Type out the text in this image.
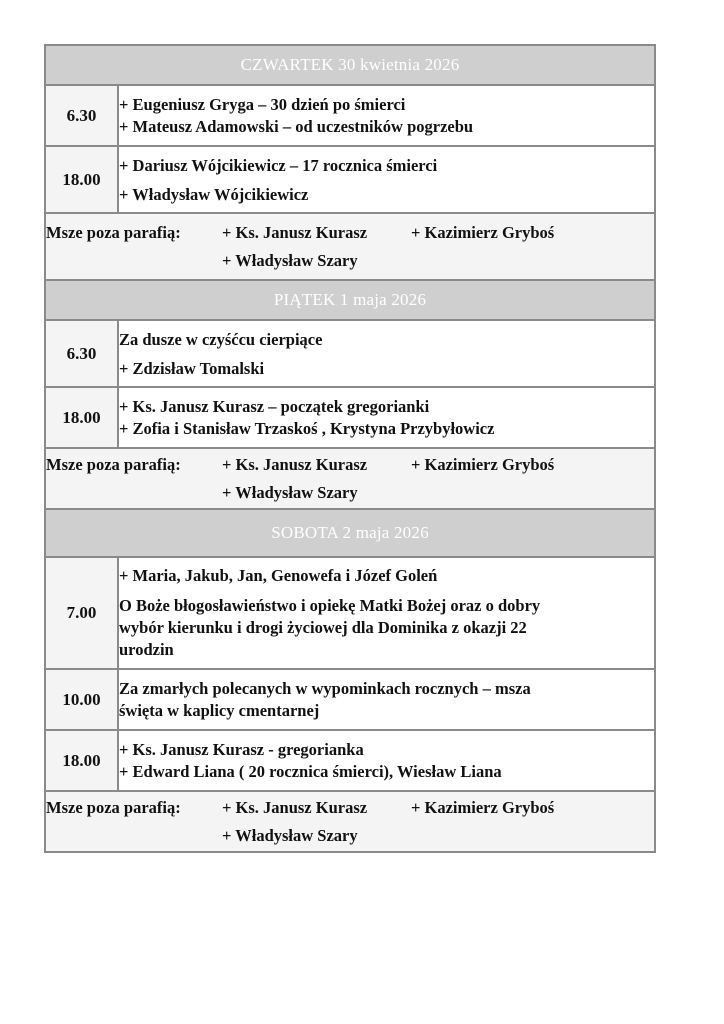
CZWARTEK 30 kwietnia 2026	
6.30	+ Eugeniusz Gryga – 30 dzień po śmierci
+ Mateusz Adamowski – od uczestników pogrzebu

18.00	+ Dariusz Wójcikiewicz – 17 rocznica śmierci
+ Władysław Wójcikiewicz

Msze poza parafią: + Ks. Janusz Kurasz + Kazimierz Gryboś
+ Władysław Szary	

PIĄTEK 1 maja 2026	
6.30	Za dusze w czyśćcu cierpiące
+ Zdzisław Tomalski

18.00	+ Ks. Janusz Kurasz – początek gregorianki
+ Zofia i Stanisław Trzaskoś , Krystyna Przybyłowicz

Msze poza parafią: + Ks. Janusz Kurasz + Kazimierz Gryboś
+ Władysław Szary	

SOBOTA 2 maja 2026	
7.00	+ Maria, Jakub, Jan, Genowefa i Józef Goleń
O Boże błogosławieństwo i opiekę Matki Bożej oraz o dobry
wybór kierunku i drogi życiowej dla Dominika z okazji 22
urodzin

10.00	Za zmarłych polecanych w wypominkach rocznych – msza
święta w kaplicy cmentarnej

18.00	+ Ks. Janusz Kurasz - gregorianka
+ Edward Liana ( 20 rocznica śmierci), Wiesław Liana

Msze poza parafią: + Ks. Janusz Kurasz + Kazimierz Gryboś
+ Władysław Szary	
